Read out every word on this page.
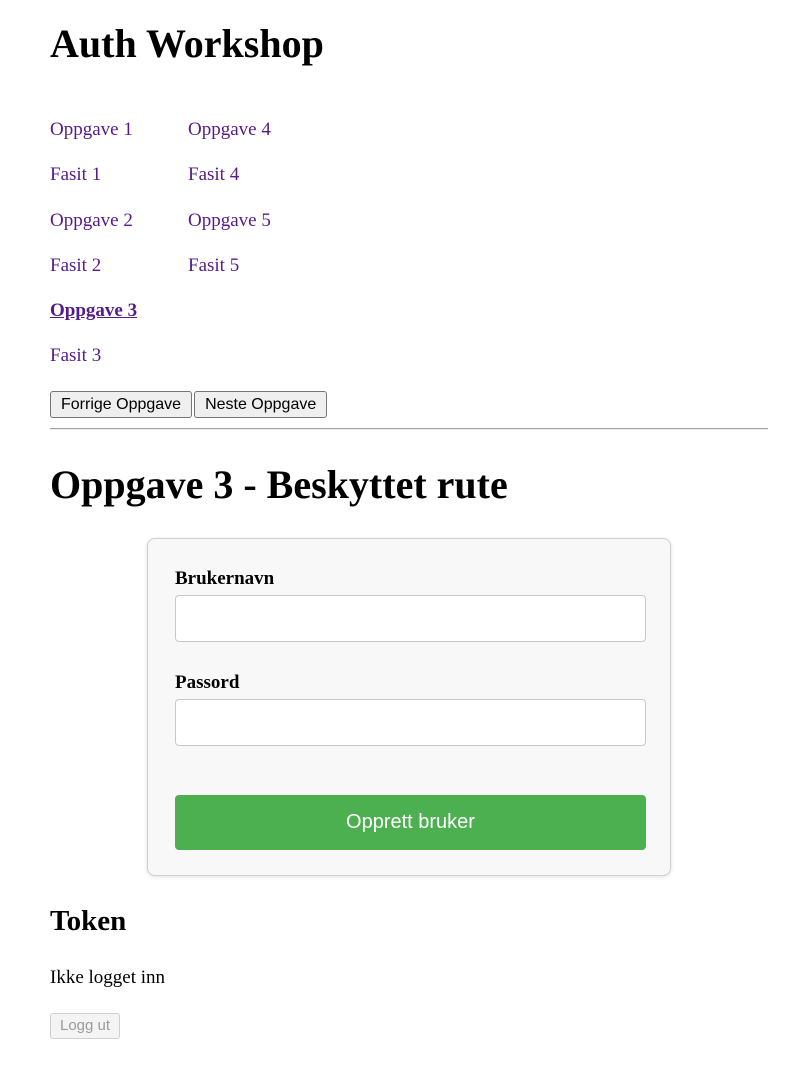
Auth Workshop
Oppgave 1
Fasit 1
Oppgave 2
Fasit 2
Oppgave 3
Fasit 3
Oppgave 4
Fasit 4
Oppgave 5
Fasit 5
Forrige Oppgave	Neste Oppgave
Oppgave 3 - Beskyttet rute
Brukernavn
Passord
Opprett bruker
Token
Ikke logget inn
Logg ut
